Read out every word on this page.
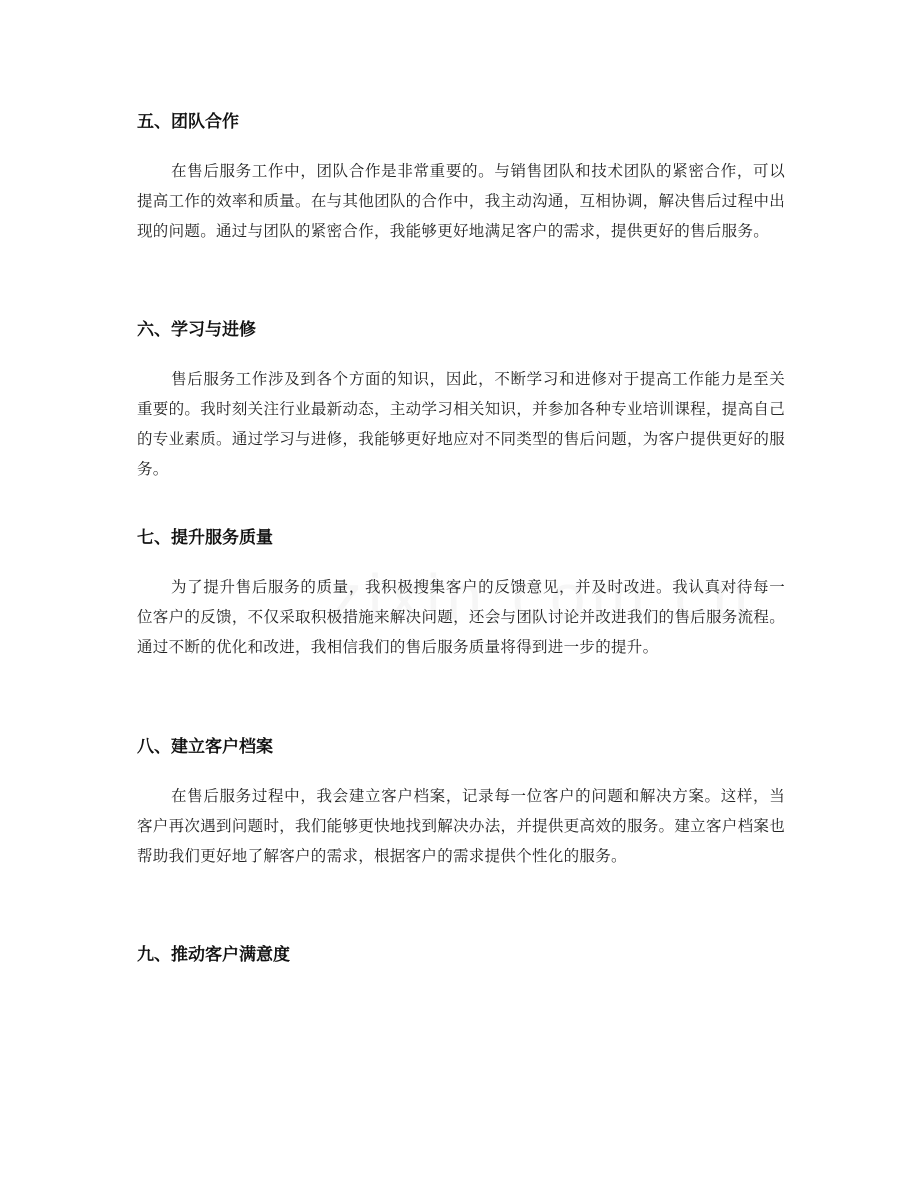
五、团队合作

在售后服务工作中，团队合作是非常重要的。与销售团队和技术团队的紧密合作，可以提高工作的效率和质量。在与其他团队的合作中，我主动沟通，互相协调，解决售后过程中出现的问题。通过与团队的紧密合作，我能够更好地满足客户的需求，提供更好的售后服务。

六、学习与进修

售后服务工作涉及到各个方面的知识，因此，不断学习和进修对于提高工作能力是至关重要的。我时刻关注行业最新动态，主动学习相关知识，并参加各种专业培训课程，提高自己的专业素质。通过学习与进修，我能够更好地应对不同类型的售后问题，为客户提供更好的服务。

七、提升服务质量

为了提升售后服务的质量，我积极搜集客户的反馈意见，并及时改进。我认真对待每一位客户的反馈，不仅采取积极措施来解决问题，还会与团队讨论并改进我们的售后服务流程。通过不断的优化和改进，我相信我们的售后服务质量将得到进一步的提升。

八、建立客户档案

在售后服务过程中，我会建立客户档案，记录每一位客户的问题和解决方案。这样，当客户再次遇到问题时，我们能够更快地找到解决办法，并提供更高效的服务。建立客户档案也帮助我们更好地了解客户的需求，根据客户的需求提供个性化的服务。

九、推动客户满意度
